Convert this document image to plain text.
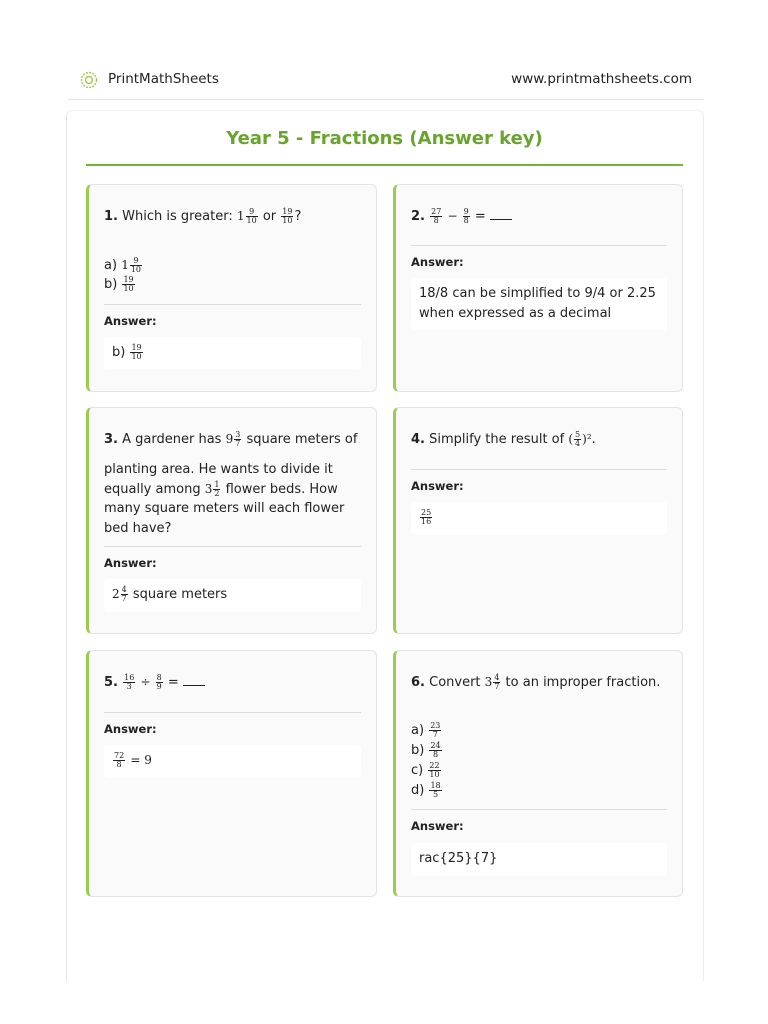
PrintMathSheets	www.printmathsheets.com
Year 5 - Fractions (Answer key)
1. Which is greater: $1 \frac{9}{10}$ or $\frac{19}{10}$ ?
a) $1 \frac{9}{10}$
$b) \frac{19}{10}$
Answer:
$b) \frac{19}{10}$
2. $\frac{27}{8} - \frac{9}{8}$ =
Answer:
18/8 can be simplified to 9/4 or 2.25 when expressed as a decimal
3. A gardener has $9 \frac{3}{7}$ square meters of
planting area. He wants to divide it equally among $3 \frac{1}{2}$ flower beds. How many square meters will each flower bed have?
Answer:
$2 \frac{4}{7}$ square meters
4. Simplify the result of ( $\frac{5}{4} )^2$.
Answer:
$\frac{25}{16}$
5. $\frac{16}{3} \div \frac{8}{9}$ =
Answer:
$\frac{72}{8} = 9$
6. Convert $3 \frac{4}{7}$ to an improper fraction.
$a) \frac{23}{7}$
$b) \frac{24}{8}$
$c) \frac{22}{10}$
$d) \frac{18}{5}$
Answer:
rac{25}{7}
